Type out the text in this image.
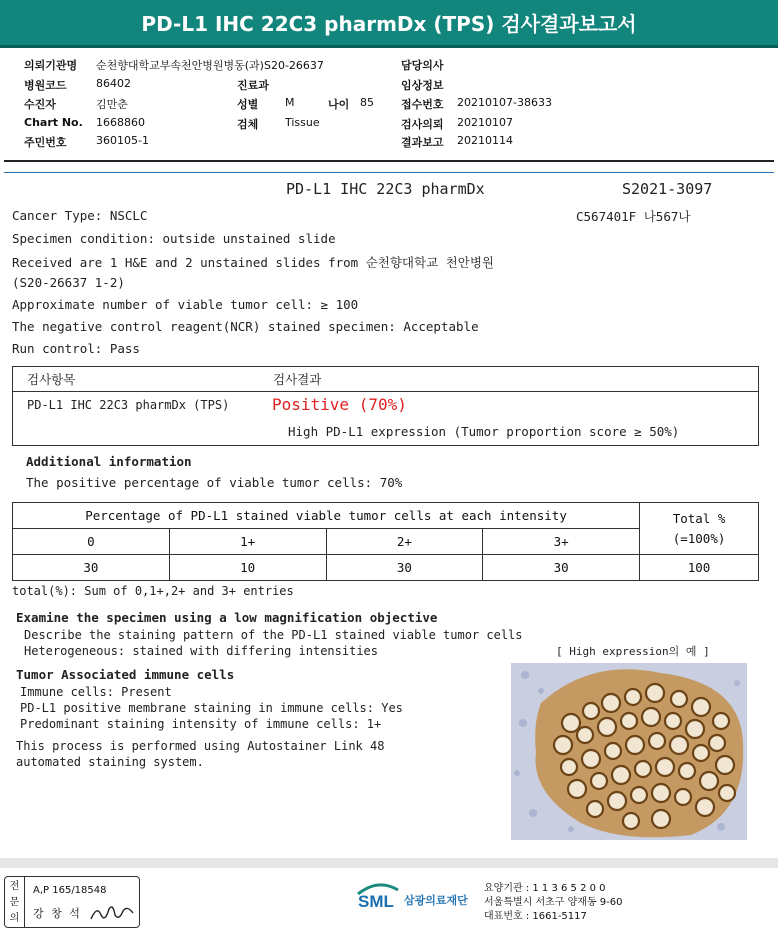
PD-L1 IHC 22C3 pharmDx (TPS) 검사결과보고서
의뢰기관명 순천향대학교부속천안병원병동(과)S20-26637
병원코드	86402
수진자	김만춘
Chart No. 1668860
주민번호	360105-1
진료과
성별 M	나이 85
검체 Tissue
담당의사
임상정보
접수번호 20210107-38633
검사의뢰 20210107
결과보고 20210114
PD-L1 IHC 22C3 pharmDx	S2021-3097
C567401F 나567나
Cancer Type: NSCLC
Specimen condition: outside unstained slide
Received are 1 H&E and 2 unstained slides from 순천향대학교 천안병원
(S20-26637 1-2)
Approximate number of viable tumor cell: ≥ 100
The negative control reagent(NCR) stained specimen: Acceptable
Run control: Pass
검사항목	검사결과
PD-L1 IHC 22C3 pharmDx (TPS)	Positive (70%)
High PD-L1 expression (Tumor proportion score ≥ 50%)
Additional information
The positive percentage of viable tumor cells: 70%
Percentage of PD-L1 stained viable tumor cells at each intensity				Total %
(=100%)

0	1+	2+	3+	
30	10	30	30	100
total(%): Sum of 0,1+,2+ and 3+ entries
Examine the specimen using a low magnification objective
Describe the staining pattern of the PD-L1 stained viable tumor cells
Heterogeneous: stained with differing intensities	[ High expression의 예 ]
Tumor Associated immune cells
Immune cells: Present
PD-L1 positive membrane staining in immune cells: Yes
Predominant staining intensity of immune cells: 1+
This process is performed using Autostainer Link 48
automated staining system.
전
문
의
A,P 165/18548
강 창 석
SML 삼광의료재단
요양기관 : 1 1 3 6 5 2 0 0
서울특별시 서초구 양재동 9-60
대표번호 : 1661-5117
